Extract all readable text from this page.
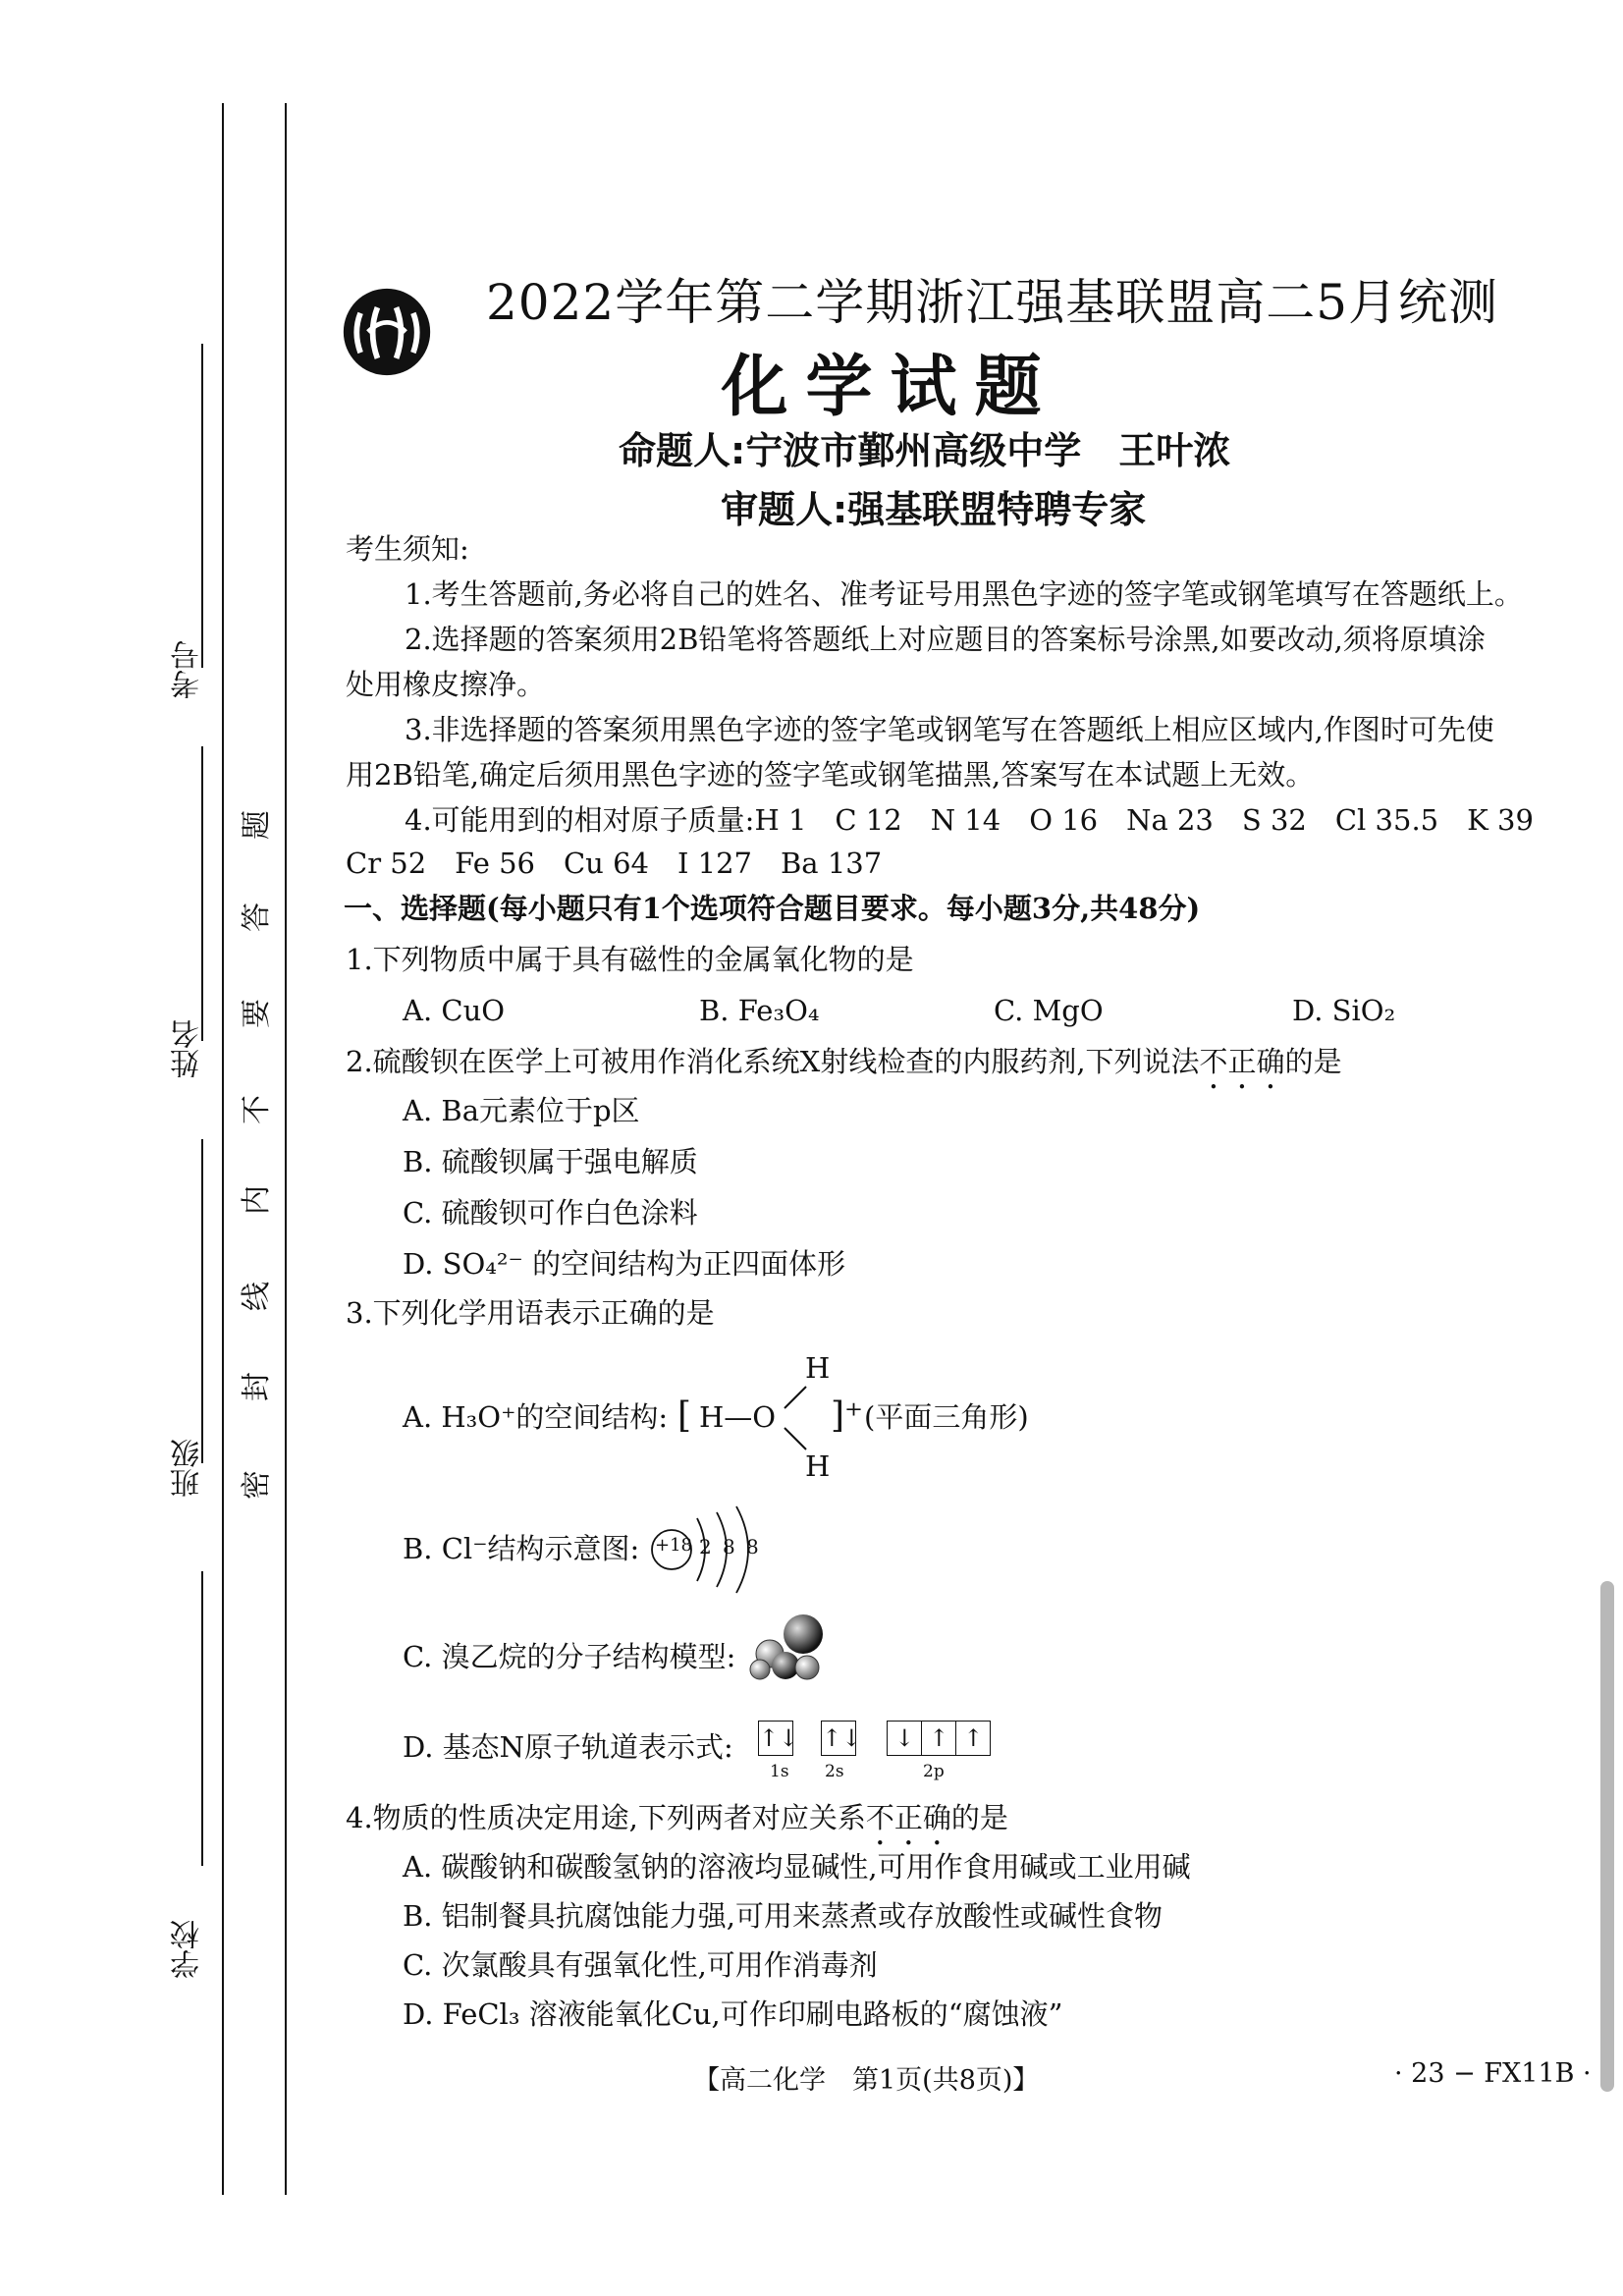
考号
姓名
班级
学校
密
封
线
内
不
要
答
题
2022学年第二学期浙江强基联盟高二5月统测
化学试题
命题人:宁波市鄞州高级中学　王叶浓
审题人:强基联盟特聘专家
考生须知:
1.考生答题前,务必将自己的姓名、准考证号用黑色字迹的签字笔或钢笔填写在答题纸上。
2.选择题的答案须用2B铅笔将答题纸上对应题目的答案标号涂黑,如要改动,须将原填涂
处用橡皮擦净。
3.非选择题的答案须用黑色字迹的签字笔或钢笔写在答题纸上相应区域内,作图时可先使
用2B铅笔,确定后须用黑色字迹的签字笔或钢笔描黑,答案写在本试题上无效。
4.可能用到的相对原子质量:H 1　C 12　N 14　O 16　Na 23　S 32　Cl 35.5　K 39
Cr 52　Fe 56　Cu 64　I 127　Ba 137
一、选择题(每小题只有1个选项符合题目要求。每小题3分,共48分)
1.下列物质中属于具有磁性的金属氧化物的是
A. CuO	B. Fe₃O₄	C. MgO	D. SiO₂
2.硫酸钡在医学上可被用作消化系统X射线检查的内服药剂,下列说法不正确的是
A. Ba元素位于p区
B. 硫酸钡属于强电解质
C. 硫酸钡可作白色涂料
D. SO₄²⁻ 的空间结构为正四面体形
3.下列化学用语表示正确的是
A. H₃O⁺的空间结构: [ H—O
H
H
]⁺ (平面三角形)
B. Cl⁻结构示意图: +18 2 8 8
C. 溴乙烷的分子结构模型:
D. 基态N原子轨道表示式: ↑↓ ↑↓ ↓ ↑ ↑
1s 2s	2p
4.物质的性质决定用途,下列两者对应关系不正确的是
A. 碳酸钠和碳酸氢钠的溶液均显碱性,可用作食用碱或工业用碱
B. 铝制餐具抗腐蚀能力强,可用来蒸煮或存放酸性或碱性食物
C. 次氯酸具有强氧化性,可用作消毒剂
D. FeCl₃ 溶液能氧化Cu,可作印刷电路板的“腐蚀液”
【高二化学　第1页(共8页)】	· 23 − FX11B ·
